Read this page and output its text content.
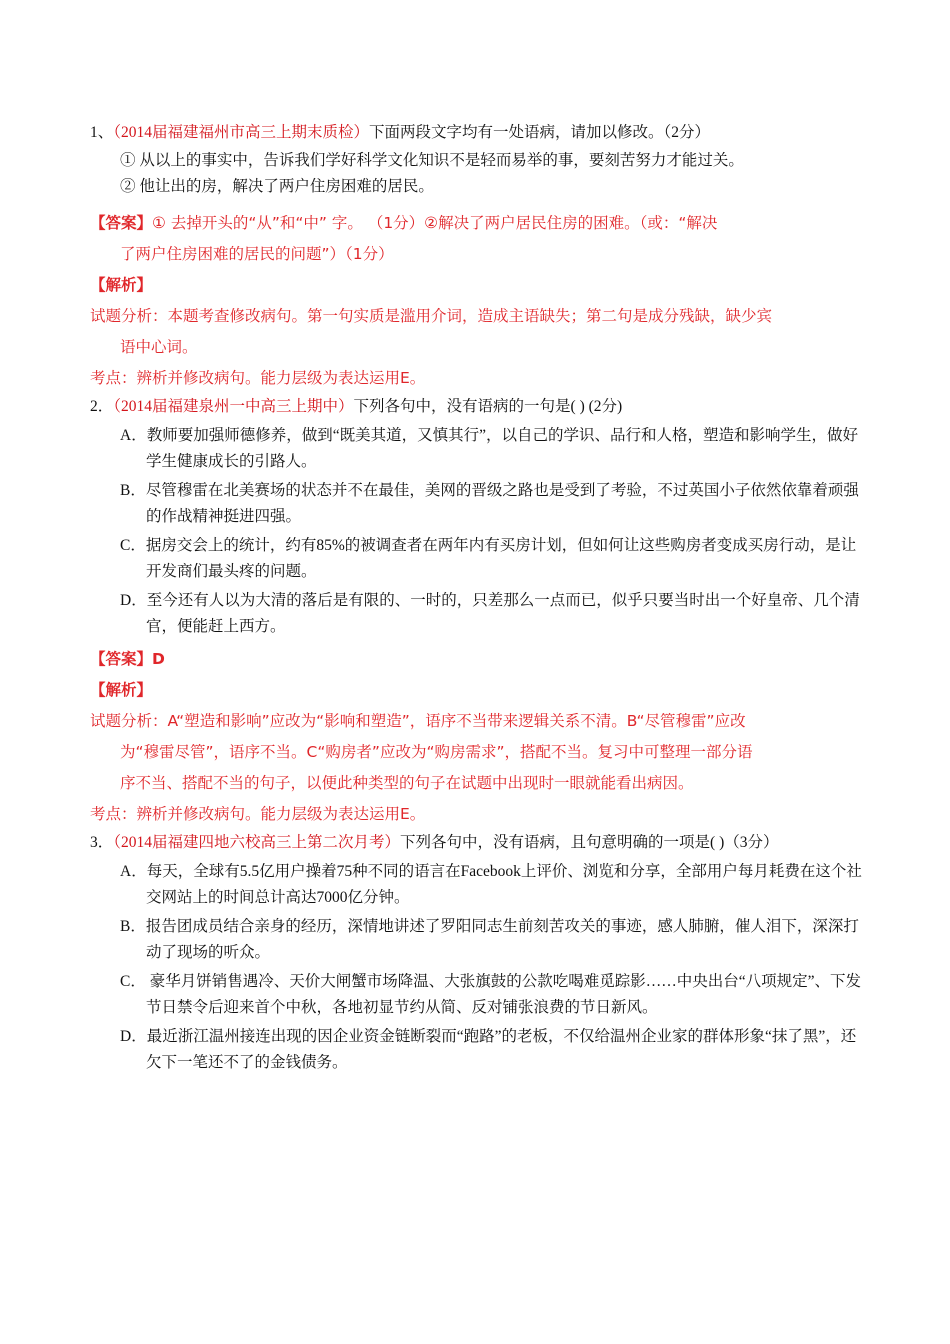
1、（2014届福建福州市高三上期末质检）下面两段文字均有一处语病，请加以修改。（2分）
① 从以上的事实中，告诉我们学好科学文化知识不是轻而易举的事，要刻苦努力才能过关。
② 他让出的房，解决了两户住房困难的居民。
【答案】① 去掉开头的“从”和“中” 字。 （1分）②解决了两户居民住房的困难。（或：“解决
了两户住房困难的居民的问题”）（1分）
【解析】
试题分析：本题考查修改病句。第一句实质是滥用介词，造成主语缺失；第二句是成分残缺，缺少宾
语中心词。
考点：辨析并修改病句。能力层级为表达运用E。
2．（2014届福建泉州一中高三上期中）下列各句中，没有语病的一句是( ) (2分)
A．教师要加强师德修养，做到“既美其道，又慎其行”，以自己的学识、品行和人格，塑造和影响学生，做好学生健康成长的引路人。
B．尽管穆雷在北美赛场的状态并不在最佳，美网的晋级之路也是受到了考验，不过英国小子依然依靠着顽强的作战精神挺进四强。
C．据房交会上的统计，约有85%的被调查者在两年内有买房计划，但如何让这些购房者变成买房行动，是让开发商们最头疼的问题。
D．至今还有人以为大清的落后是有限的、一时的，只差那么一点而已，似乎只要当时出一个好皇帝、几个清官，便能赶上西方。
【答案】D
【解析】
试题分析：A“塑造和影响”应改为“影响和塑造”，语序不当带来逻辑关系不清。B“尽管穆雷”应改
为“穆雷尽管”，语序不当。C“购房者”应改为“购房需求”，搭配不当。复习中可整理一部分语
序不当、搭配不当的句子，以便此种类型的句子在试题中出现时一眼就能看出病因。
考点：辨析并修改病句。能力层级为表达运用E。
3．（2014届福建四地六校高三上第二次月考）下列各句中，没有语病，且句意明确的一项是( )（3分）
A．每天，全球有5.5亿用户操着75种不同的语言在Facebook上评价、浏览和分享，全部用户每月耗费在这个社交网站上的时间总计高达7000亿分钟。
B．报告团成员结合亲身的经历，深情地讲述了罗阳同志生前刻苦攻关的事迹，感人肺腑，催人泪下，深深打动了现场的听众。
C． 豪华月饼销售遇冷、天价大闸蟹市场降温、大张旗鼓的公款吃喝难觅踪影……中央出台“八项规定”、下发节日禁令后迎来首个中秋，各地初显节约从简、反对铺张浪费的节日新风。
D．最近浙江温州接连出现的因企业资金链断裂而“跑路”的老板，不仅给温州企业家的群体形象“抹了黑”，还欠下一笔还不了的金钱债务。
